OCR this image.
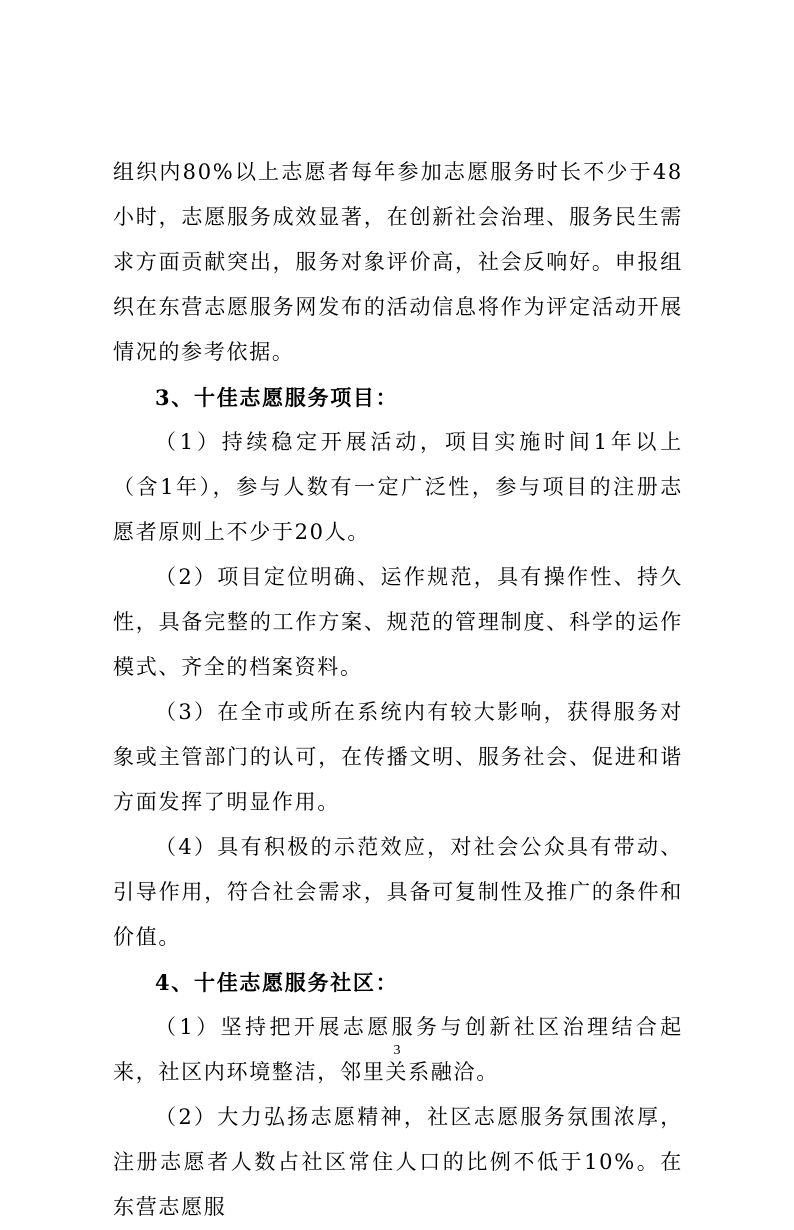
组织内80%以上志愿者每年参加志愿服务时长不少于48小时，志愿服务成效显著，在创新社会治理、服务民生需求方面贡献突出，服务对象评价高，社会反响好。申报组织在东营志愿服务网发布的活动信息将作为评定活动开展情况的参考依据。

3、十佳志愿服务项目：

（1）持续稳定开展活动，项目实施时间1年以上（含1年），参与人数有一定广泛性，参与项目的注册志愿者原则上不少于20人。

（2）项目定位明确、运作规范，具有操作性、持久性，具备完整的工作方案、规范的管理制度、科学的运作模式、齐全的档案资料。

（3）在全市或所在系统内有较大影响，获得服务对象或主管部门的认可，在传播文明、服务社会、促进和谐方面发挥了明显作用。

（4）具有积极的示范效应，对社会公众具有带动、引导作用，符合社会需求，具备可复制性及推广的条件和价值。

4、十佳志愿服务社区：

（1）坚持把开展志愿服务与创新社区治理结合起来，社区内环境整洁，邻里关系融洽。

（2）大力弘扬志愿精神，社区志愿服务氛围浓厚，注册志愿者人数占社区常住人口的比例不低于10%。在东营志愿服

3
